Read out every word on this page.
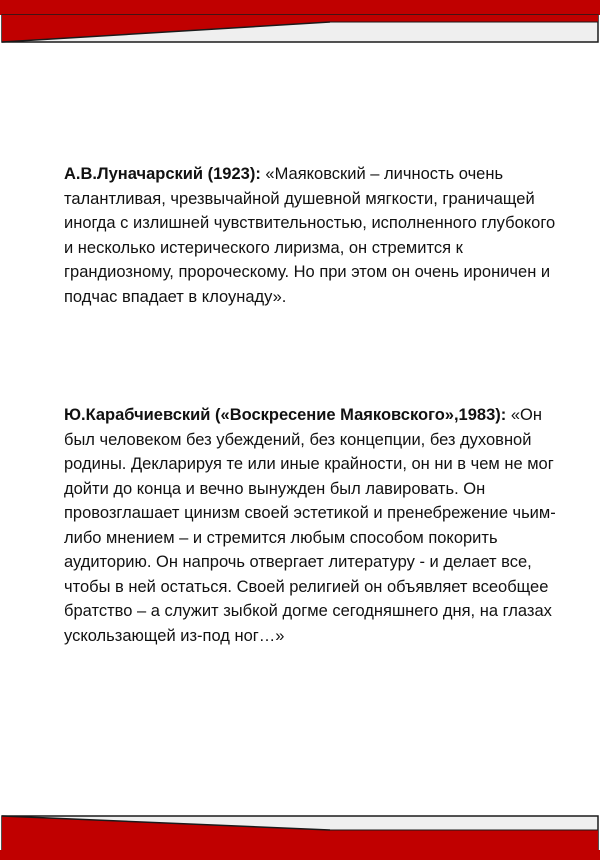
А.В.Луначарский (1923): «Маяковский – личность очень талантливая, чрезвычайной душевной мягкости, граничащей иногда с излишней чувствительностью, исполненного глубокого и несколько истерического лиризма, он стремится к грандиозному, пророческому. Но при этом он очень ироничен и подчас впадает в клоунаду».

Ю.Карабчиевский («Воскресение Маяковского»,1983): «Он был человеком без убеждений, без концепции, без духовной родины. Декларируя те или иные крайности, он ни в чем не мог дойти до конца и вечно вынужден был лавировать. Он провозглашает цинизм своей эстетикой и пренебрежение чьим-либо мнением – и стремится любым способом покорить аудиторию. Он напрочь отвергает литературу - и делает все, чтобы в ней остаться. Своей религией он объявляет всеобщее братство – а служит зыбкой догме сегодняшнего дня, на глазах ускользающей из-под ног…»
